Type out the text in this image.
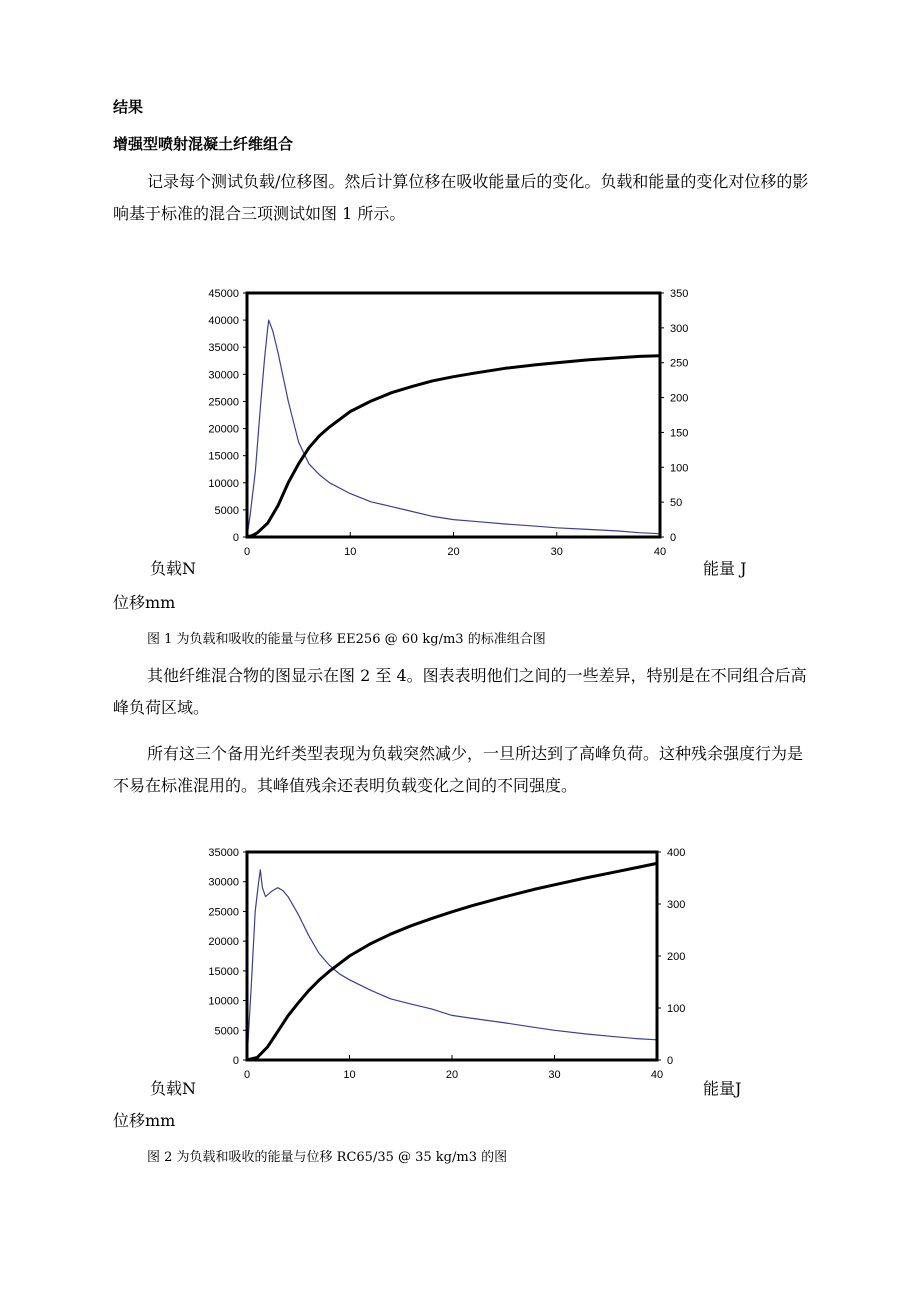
结果
增强型喷射混凝土纤维组合
记录每个测试负载/位移图。然后计算位移在吸收能量后的变化。负载和能量的变化对位移的影响基于标准的混合三项测试如图 1 所示。
0	10	20	30	40
0
5000
10000
15000
20000
25000
30000
35000
40000
45000
0
50
100
150
200
250
300
350
负载N	能量 J
位移mm
图 1 为负载和吸收的能量与位移 EE256 @ 60 kg/m3 的标准组合图
其他纤维混合物的图显示在图 2 至 4。图表表明他们之间的一些差异，特别是在不同组合后高峰负荷区域。
所有这三个备用光纤类型表现为负载突然减少，一旦所达到了高峰负荷。这种残余强度行为是不易在标准混用的。其峰值残余还表明负载变化之间的不同强度。
0	10	20	30	40
0
5000
10000
15000
20000
25000
30000
35000
0
100
200
300
400
负载N	能量J
位移mm
图 2 为负载和吸收的能量与位移 RC65/35 @ 35 kg/m3 的图
